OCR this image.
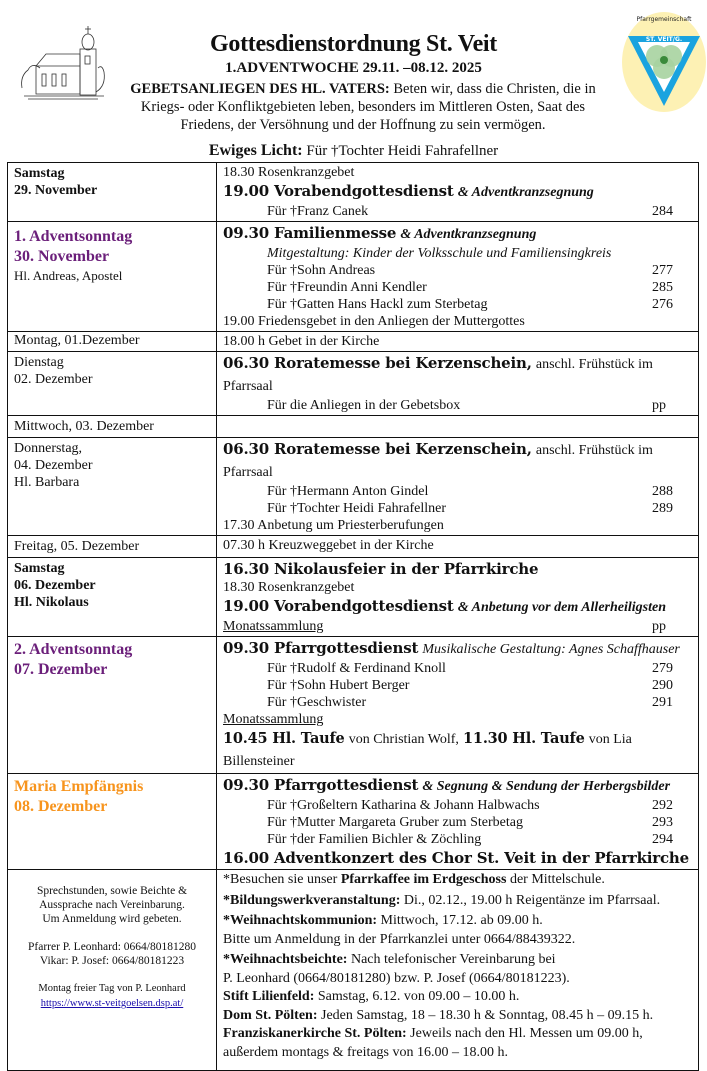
ST. VEIT/G.
Pfarrgemeinschaft
Gottesdienstordnung St. Veit
1.ADVENTWOCHE 29.11. –08.12. 2025
GEBETSANLIEGEN DES HL. VATERS: Beten wir, dass die Christen, die in Kriegs- oder Konfliktgebieten leben, besonders im Mittleren Osten, Saat des Friedens, der Versöhnung und der Hoffnung zu sein vermögen.
Ewiges Licht: Für †Tochter Heidi Fahrafellner
Samstag
29. November

18.30 Rosenkranzgebet
19.00 Vorabendgottesdienst & Adventkranzsegnung
Für †Franz Canek	284

1. Adventsonntag
30. November
Hl. Andreas, Apostel

09.30 Familienmesse & Adventkranzsegnung
Mitgestaltung: Kinder der Volksschule und Familiensingkreis
Für †Sohn Andreas	277
Für †Freundin Anni Kendler	285
Für †Gatten Hans Hackl zum Sterbetag	276
19.00 Friedensgebet in den Anliegen der Muttergottes

Montag, 01.Dezember	18.00 h Gebet in der Kirche

Dienstag
02. Dezember

06.30 Roratemesse bei Kerzenschein, anschl. Frühstück im Pfarrsaal
Für die Anliegen in der Gebetsbox	pp

Mittwoch, 03. Dezember	

Donnerstag,
04. Dezember
Hl. Barbara

06.30 Roratemesse bei Kerzenschein, anschl. Frühstück im Pfarrsaal
Für †Hermann Anton Gindel	288
Für †Tochter Heidi Fahrafellner	289
17.30 Anbetung um Priesterberufungen

Freitag, 05. Dezember	07.30 h Kreuzweggebet in der Kirche

Samstag
06. Dezember
Hl. Nikolaus

16.30 Nikolausfeier in der Pfarrkirche
18.30 Rosenkranzgebet
19.00 Vorabendgottesdienst & Anbetung vor dem Allerheiligsten
Monatssammlung	pp

2. Adventsonntag
07. Dezember

09.30 Pfarrgottesdienst Musikalische Gestaltung: Agnes Schaffhauser
Für †Rudolf & Ferdinand Knoll	279
Für †Sohn Hubert Berger	290
Für †Geschwister	291
Monatssammlung
10.45 Hl. Taufe von Christian Wolf, 11.30 Hl. Taufe von Lia Billensteiner

Maria Empfängnis
08. Dezember

09.30 Pfarrgottesdienst & Segnung & Sendung der Herbergsbilder
Für †Großeltern Katharina & Johann Halbwachs	292
Für †Mutter Margareta Gruber zum Sterbetag	293
Für †der Familien Bichler & Zöchling	294
16.00 Adventkonzert des Chor St. Veit in der Pfarrkirche

Sprechstunden, sowie Beichte &
Aussprache nach Vereinbarung.
Um Anmeldung wird gebeten.
Pfarrer P. Leonhard: 0664/80181280
Vikar: P. Josef: 0664/80181223
Montag freier Tag von P. Leonhard
https://www.st-veitgoelsen.dsp.at/	
*Besuchen sie unser Pfarrkaffee im Erdgeschoss der Mittelschule.
*Bildungswerkveranstaltung: Di., 02.12., 19.00 h Reigentänze im Pfarrsaal.
*Weihnachtskommunion: Mittwoch, 17.12. ab 09.00 h.
Bitte um Anmeldung in der Pfarrkanzlei unter 0664/88439322.
*Weihnachtsbeichte: Nach telefonischer Vereinbarung bei
P. Leonhard (0664/80181280) bzw. P. Josef (0664/80181223).
Stift Lilienfeld: Samstag, 6.12. von 09.00 – 10.00 h.
Dom St. Pölten: Jeden Samstag, 18 – 18.30 h & Sonntag, 08.45 h – 09.15 h.
Franziskanerkirche St. Pölten: Jeweils nach den Hl. Messen um 09.00 h,
außerdem montags & freitags von 16.00 – 18.00 h.
